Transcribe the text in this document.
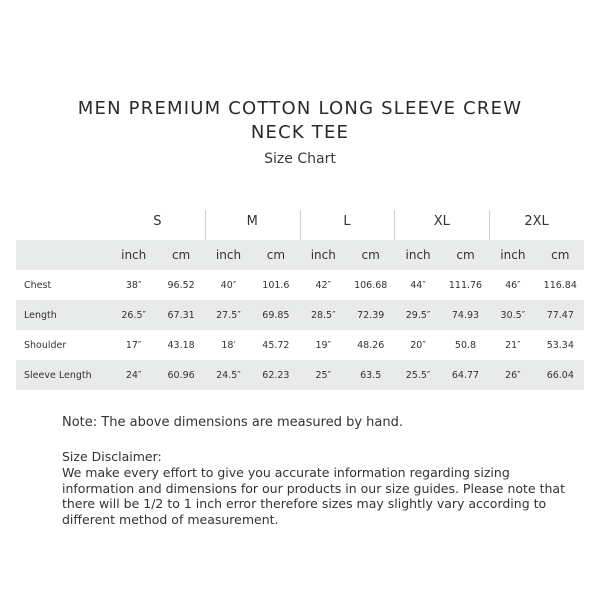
MEN PREMIUM COTTON LONG SLEEVE CREW
NECK TEE
Size Chart
S	M	L	XL	2XL
inch	cm	inch	cm	inch	cm	inch	cm	inch	cm
Chest	38″	96.52	40″	101.6	42″	106.68	44″	111.76	46″	116.84
Length	26.5″	67.31	27.5″	69.85	28.5″	72.39	29.5″	74.93	30.5″	77.47
Shoulder	17″	43.18	18′	45.72	19″	48.26	20″	50.8	21″	53.34
Sleeve Length	24″	60.96	24.5″	62.23	25″	63.5	25.5″	64.77	26″	66.04
Note: The above dimensions are measured by hand.
Size Disclaimer:
We make every effort to give you accurate information regarding sizing
information and dimensions for our products in our size guides. Please note that
there will be 1/2 to 1 inch error therefore sizes may slightly vary according to
different method of measurement.
